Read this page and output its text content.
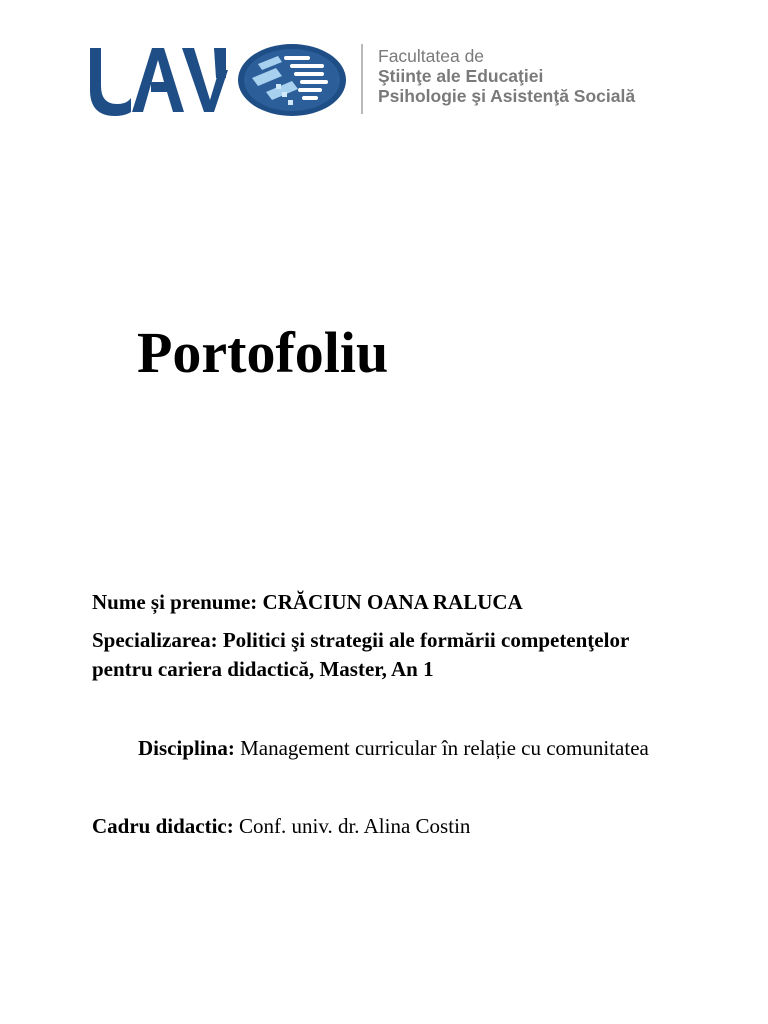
Facultatea de
Ştiinţe ale Educaţiei
Psihologie şi Asistenţă Socială
Portofoliu

Nume și prenume: CRĂCIUN OANA RALUCA

Specializarea: Politici şi strategii ale formării competenţelor pentru cariera didactică, Master, An 1

Disciplina: Management curricular în relație cu comunitatea

Cadru didactic: Conf. univ. dr. Alina Costin
